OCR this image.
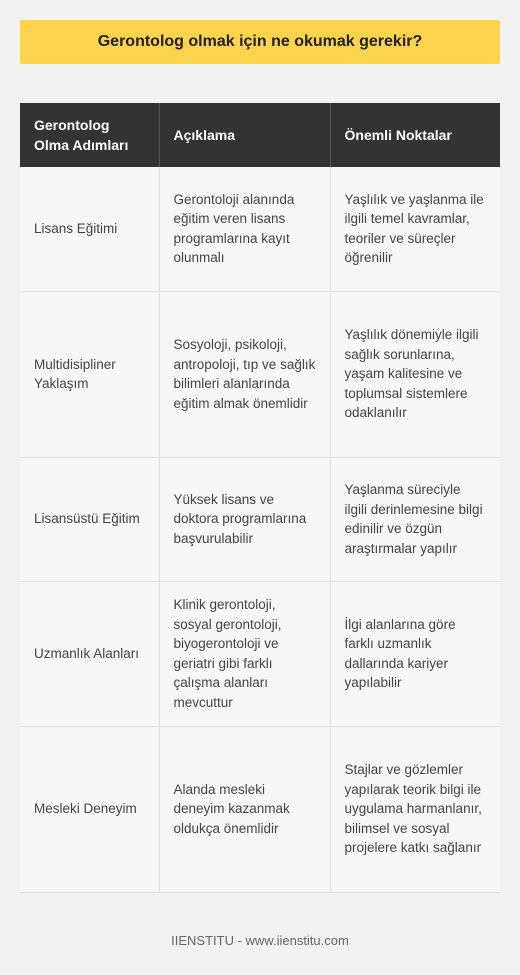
Gerontolog olmak için ne okumak gerekir?
Gerontolog Olma Adımları	Açıklama	Önemli Noktalar
Lisans Eğitimi	Gerontoloji alanında eğitim veren lisans programlarına kayıt olunmalı	Yaşlılık ve yaşlanma ile ilgili temel kavramlar, teoriler ve süreçler öğrenilir
Multidisipliner Yaklaşım	Sosyoloji, psikoloji, antropoloji, tıp ve sağlık bilimleri alanlarında eğitim almak önemlidir	Yaşlılık dönemiyle ilgili sağlık sorunlarına, yaşam kalitesine ve toplumsal sistemlere odaklanılır
Lisansüstü Eğitim	Yüksek lisans ve doktora programlarına başvurulabilir	Yaşlanma süreciyle ilgili derinlemesine bilgi edinilir ve özgün araştırmalar yapılır
Uzmanlık Alanları	Klinik gerontoloji, sosyal gerontoloji, biyogerontoloji ve geriatri gibi farklı çalışma alanları mevcuttur	İlgi alanlarına göre farklı uzmanlık dallarında kariyer yapılabilir
Mesleki Deneyim	Alanda mesleki deneyim kazanmak oldukça önemlidir	Stajlar ve gözlemler yapılarak teorik bilgi ile uygulama harmanlanır, bilimsel ve sosyal projelere katkı sağlanır
IIENSTITU - www.iienstitu.com
